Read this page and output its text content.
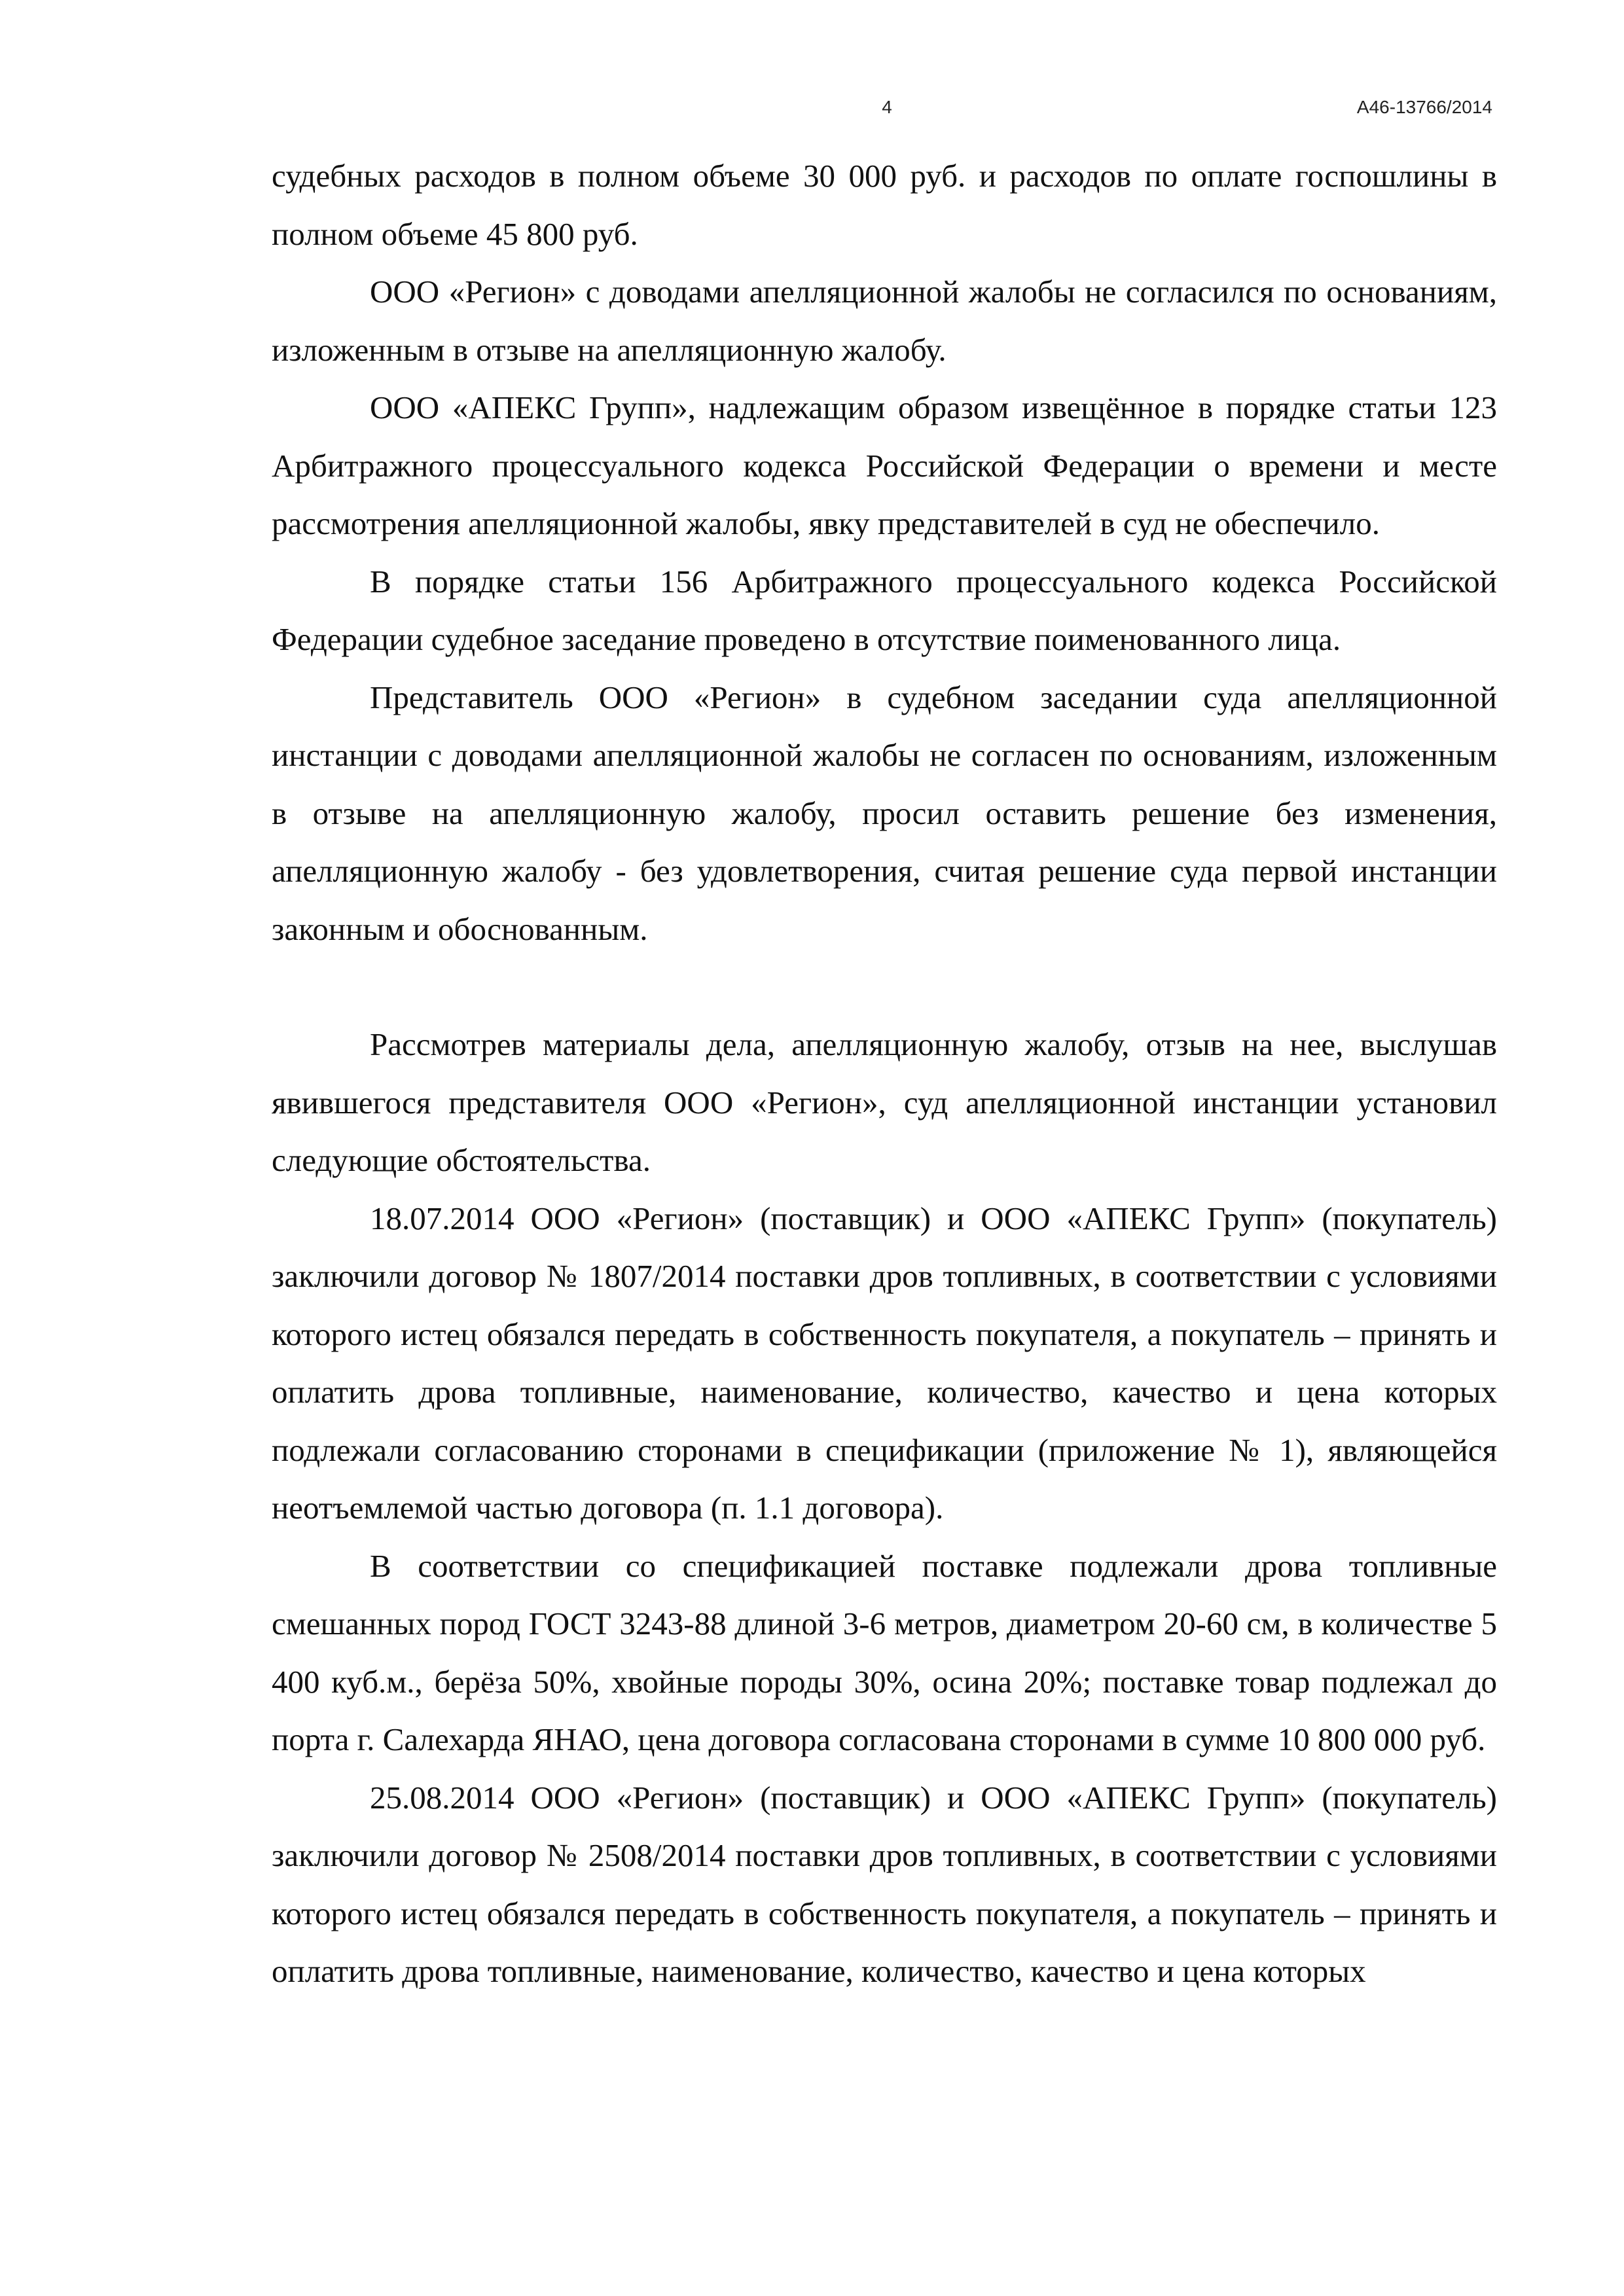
4	А46-13766/2014

судебных расходов в полном объеме 30 000 руб. и расходов по оплате госпошлины в полном объеме 45 800 руб.

ООО «Регион» с доводами апелляционной жалобы не согласился по основаниям, изложенным в отзыве на апелляционную жалобу.

ООО «АПЕКС Групп», надлежащим образом извещённое в порядке статьи 123 Арбитражного процессуального кодекса Российской Федерации о времени и месте рассмотрения апелляционной жалобы, явку представителей в суд не обеспечило.

В порядке статьи 156 Арбитражного процессуального кодекса Российской Федерации судебное заседание проведено в отсутствие поименованного лица.

Представитель ООО «Регион» в судебном заседании суда апелляционной инстанции с доводами апелляционной жалобы не согласен по основаниям, изложенным в отзыве на апелляционную жалобу, просил оставить решение без изменения, апелляционную жалобу - без удовлетворения, считая решение суда первой инстанции законным и обоснованным.

Рассмотрев материалы дела, апелляционную жалобу, отзыв на нее, выслушав явившегося представителя ООО «Регион», суд апелляционной инстанции установил следующие обстоятельства.

18.07.2014 ООО «Регион» (поставщик) и ООО «АПЕКС Групп» (покупатель) заключили договор № 1807/2014 поставки дров топливных, в соответствии с условиями которого истец обязался передать в собственность покупателя, а покупатель – принять и оплатить дрова топливные, наименование, количество, качество и цена которых подлежали согласованию сторонами в спецификации (приложение № 1), являющейся неотъемлемой частью договора (п. 1.1 договора).

В соответствии со спецификацией поставке подлежали дрова топливные смешанных пород ГОСТ 3243-88 длиной 3-6 метров, диаметром 20-60 см, в количестве 5 400 куб.м., берёза 50%, хвойные породы 30%, осина 20%; поставке товар подлежал до порта г. Салехарда ЯНАО, цена договора согласована сторонами в сумме 10 800 000 руб.

25.08.2014 ООО «Регион» (поставщик) и ООО «АПЕКС Групп» (покупатель) заключили договор № 2508/2014 поставки дров топливных, в соответствии с условиями которого истец обязался передать в собственность покупателя, а покупатель – принять и оплатить дрова топливные, наименование, количество, качество и цена которых
